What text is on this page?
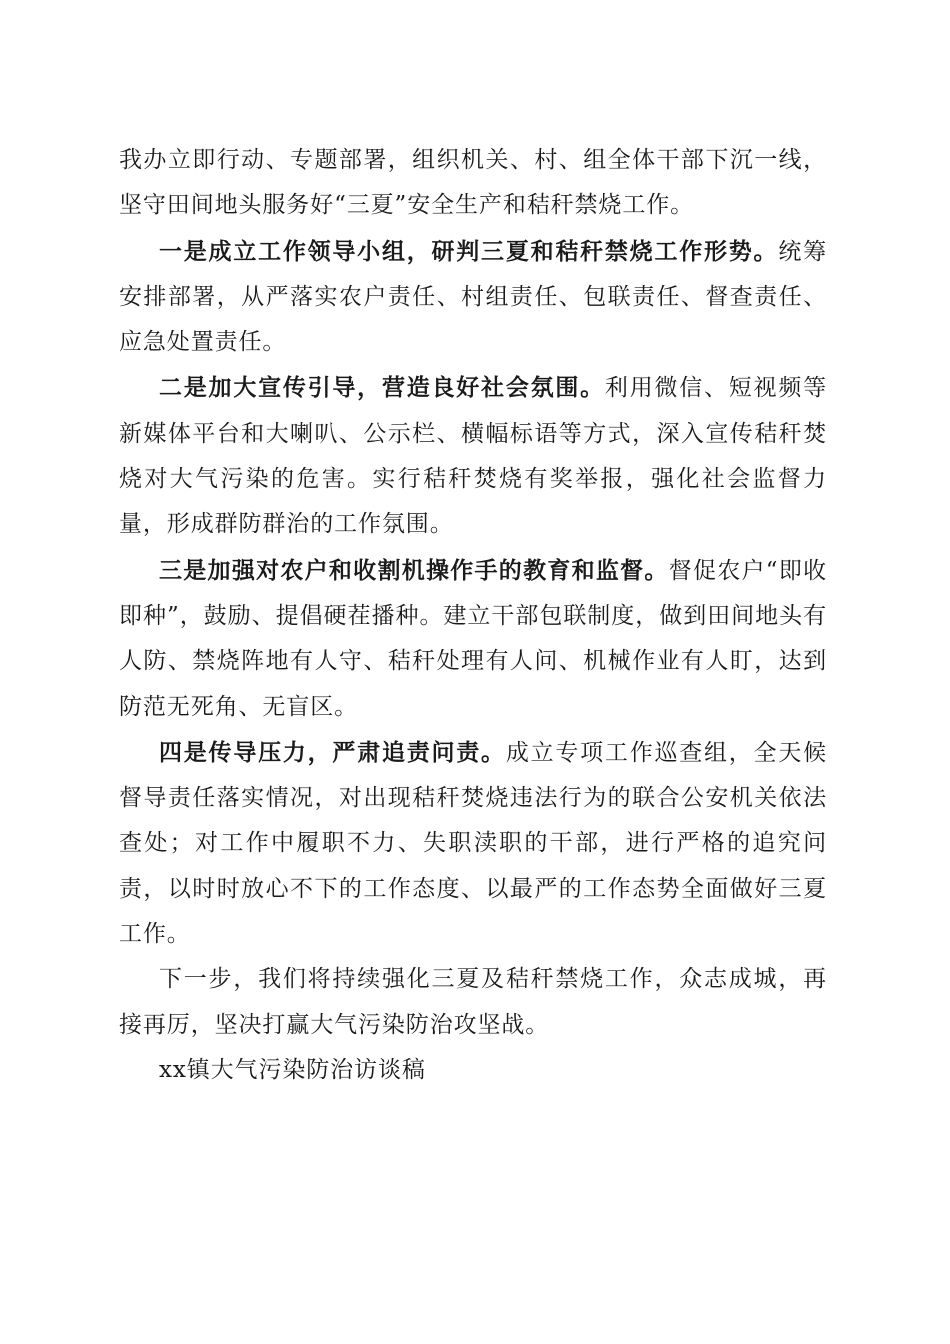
我办立即行动、专题部署，组织机关、村、组全体干部下沉一线，坚守田间地头服务好“三夏”安全生产和秸秆禁烧工作。

一是成立工作领导小组，研判三夏和秸秆禁烧工作形势。统筹安排部署，从严落实农户责任、村组责任、包联责任、督查责任、应急处置责任。

二是加大宣传引导，营造良好社会氛围。利用微信、短视频等新媒体平台和大喇叭、公示栏、横幅标语等方式，深入宣传秸秆焚烧对大气污染的危害。实行秸秆焚烧有奖举报，强化社会监督力量，形成群防群治的工作氛围。

三是加强对农户和收割机操作手的教育和监督。督促农户“即收即种”，鼓励、提倡硬茬播种。建立干部包联制度，做到田间地头有人防、禁烧阵地有人守、秸秆处理有人问、机械作业有人盯，达到防范无死角、无盲区。

四是传导压力，严肃追责问责。成立专项工作巡查组，全天候督导责任落实情况，对出现秸秆焚烧违法行为的联合公安机关依法查处；对工作中履职不力、失职渎职的干部，进行严格的追究问责，以时时放心不下的工作态度、以最严的工作态势全面做好三夏工作。

下一步，我们将持续强化三夏及秸秆禁烧工作，众志成城，再接再厉，坚决打赢大气污染防治攻坚战。

xx镇大气污染防治访谈稿
